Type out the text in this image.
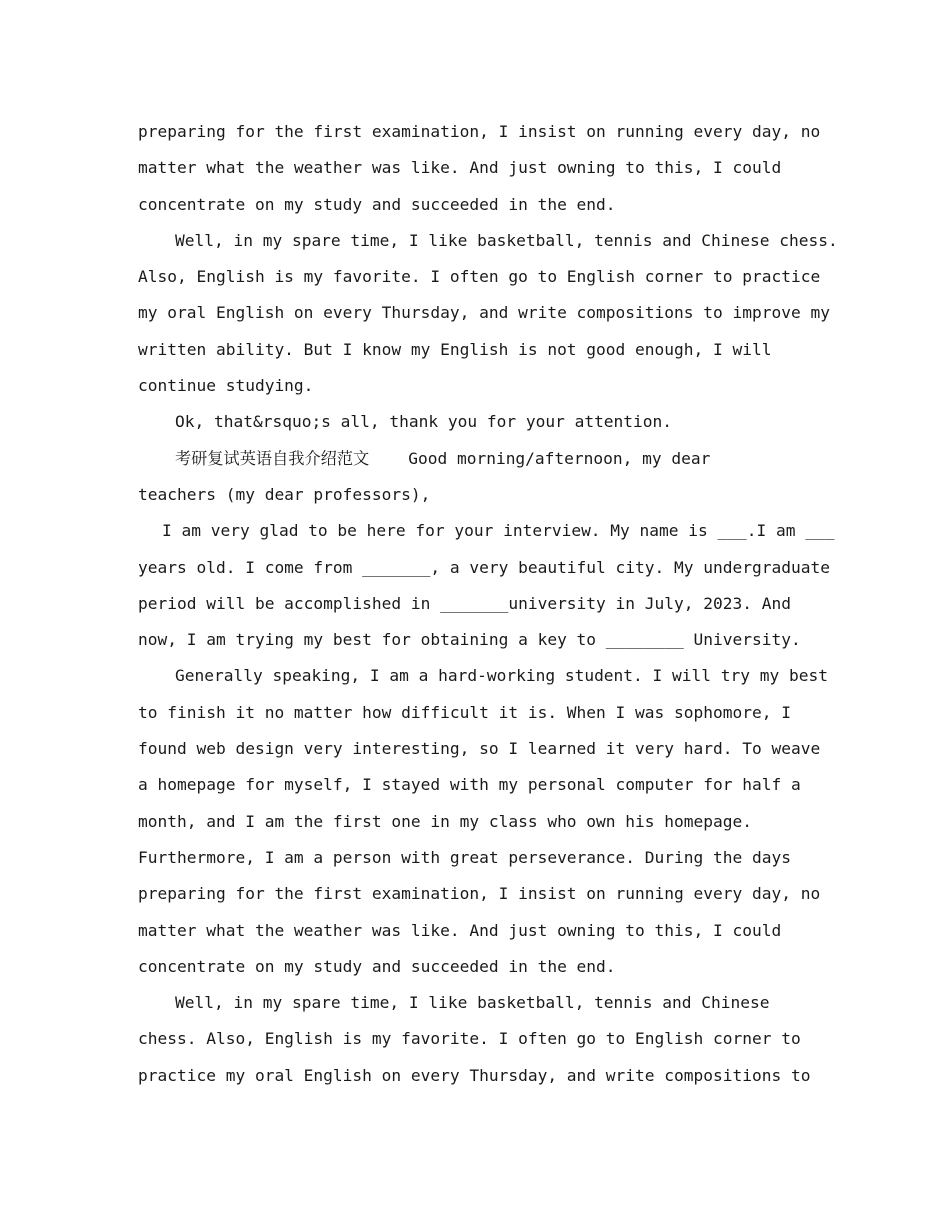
preparing for the first examination, I insist on running every day, no
matter what the weather was like. And just owning to this, I could
concentrate on my study and succeeded in the end.
Well, in my spare time, I like basketball, tennis and Chinese chess.
Also, English is my favorite. I often go to English corner to practice
my oral English on every Thursday, and write compositions to improve my
written ability. But I know my English is not good enough, I will
continue studying.
Ok, that&rsquo;s all, thank you for your attention.
考研复试英语自我介绍范文    Good morning/afternoon, my dear
teachers (my dear professors),
I am very glad to be here for your interview. My name is ___.I am ___
years old. I come from _______, a very beautiful city. My undergraduate
period will be accomplished in _______university in July, 2023. And
now, I am trying my best for obtaining a key to ________ University.
Generally speaking, I am a hard-working student. I will try my best
to finish it no matter how difficult it is. When I was sophomore, I
found web design very interesting, so I learned it very hard. To weave
a homepage for myself, I stayed with my personal computer for half a
month, and I am the first one in my class who own his homepage.
Furthermore, I am a person with great perseverance. During the days
preparing for the first examination, I insist on running every day, no
matter what the weather was like. And just owning to this, I could
concentrate on my study and succeeded in the end.
Well, in my spare time, I like basketball, tennis and Chinese
chess. Also, English is my favorite. I often go to English corner to
practice my oral English on every Thursday, and write compositions to
